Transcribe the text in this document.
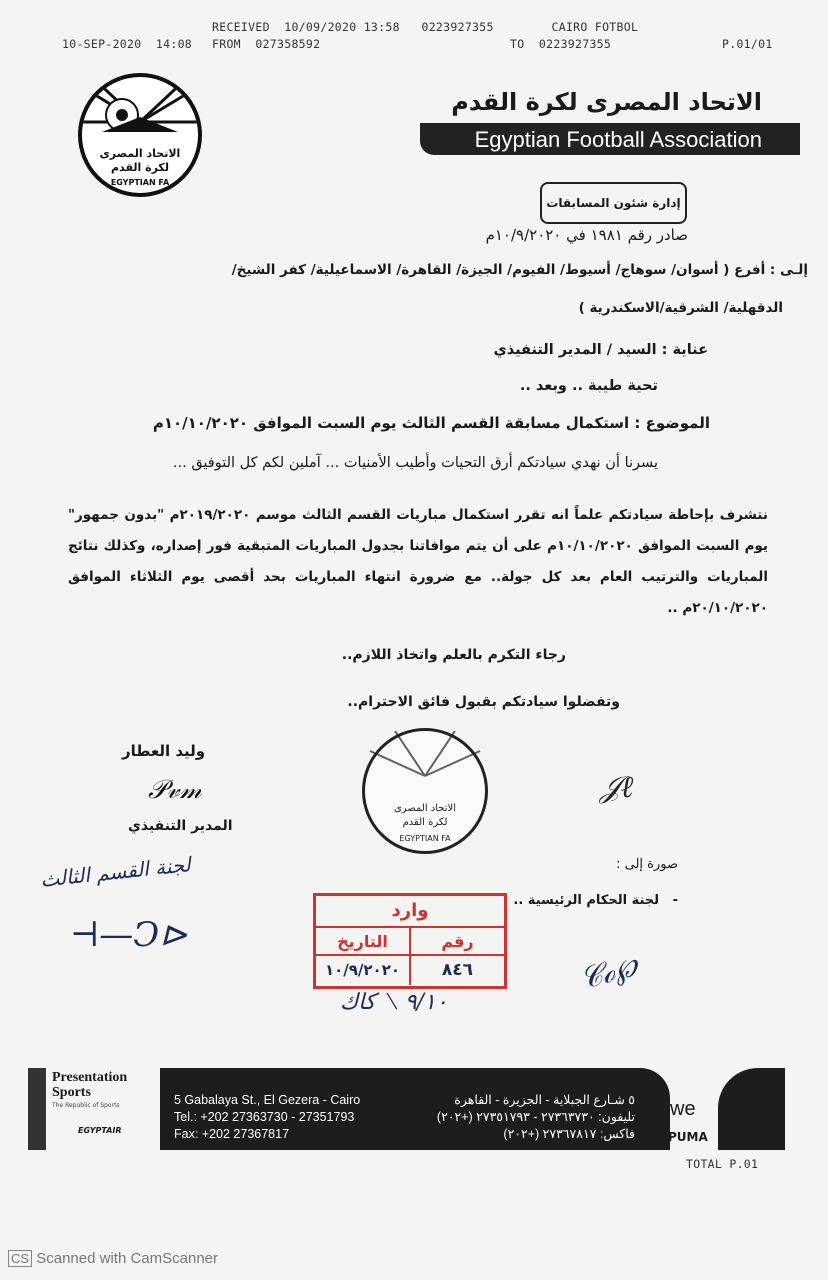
RECEIVED  10/09/2020 13:58   0223927355        CAIRO FOTBOL
10-SEP-2020  14:08 FROM  027358592	TO  0223927355	P.01/01
الاتحاد المصرى
لكرة القدم
EGYPTIAN FA
الاتحاد المصرى لكرة القدم
Egyptian Football Association
إدارة شئون المسابقات
صادر رقم ١٩٨١ في ١٠/٩/٢٠٢٠م
إلـى : أفرع ( أسوان/ سوهاج/ أسيوط/ الفيوم/ الجيزة/ القاهرة/ الاسماعيلية/ كفر الشيخ/
الدقهلية/ الشرقية/الاسكندرية )
عناية : السيد / المدير التنفيذي
تحية طيبة .. وبعد ..
الموضوع : استكمال مسابقة القسم الثالث يوم السبت الموافق ١٠/١٠/٢٠٢٠م
يسرنا أن نهدي سيادتكم أرق التحيات وأطيب الأمنيات ... آملين لكم كل التوفيق ...
نتشرف بإحاطة سيادتكم علماً انه تقرر استكمال مباريات القسم الثالث موسم ٢٠١٩/٢٠٢٠م "بدون جمهور" يوم السبت الموافق ١٠/١٠/٢٠٢٠م على أن يتم موافاتنا بجدول المباريات المتبقية فور إصداره، وكذلك نتائج المباريات والترتيب العام بعد كل جولة.. مع ضرورة انتهاء المباريات بحد أقصى يوم الثلاثاء الموافق ٢٠/١٠/٢٠٢٠م ..
رجاء التكرم بالعلم واتخاذ اللازم..
وتفضلوا سيادتكم بقبول فائق الاحترام..
وليد العطار
𝒫𝓋𝓂
المدير التنفيذي
الاتحاد المصرى
لكرة القدم
EGYPTIAN FA
𝒥ℓ
صورة إلى :
-   لجنة الحكام الرئيسية ..
وارد
رقم
التاريخ
٨٤٦
١٠/٩/٢٠٢٠
لجنة القسم الثالث
⊣—Ↄ⊳
٩/١٠ ⟋ كاك
𝒞ℴ℘
Presentation Sports
The Republic of Sports
EGYPTAIR
5 Gabalaya St., El Gezera - Cairo
Tel.: +202 27363730 - 27351793
Fax: +202 27367817
٥ شـارع الجبلاية - الجزيرة - القاهرة
تليفون: ٢٧٣٦٣٧٣٠ - ٢٧٣٥١٧٩٣ (+٢٠٢)
فاكس: ٢٧٣٦٧٨١٧ (+٢٠٢)
we
PUMA
TOTAL P.01
CS Scanned with CamScanner
